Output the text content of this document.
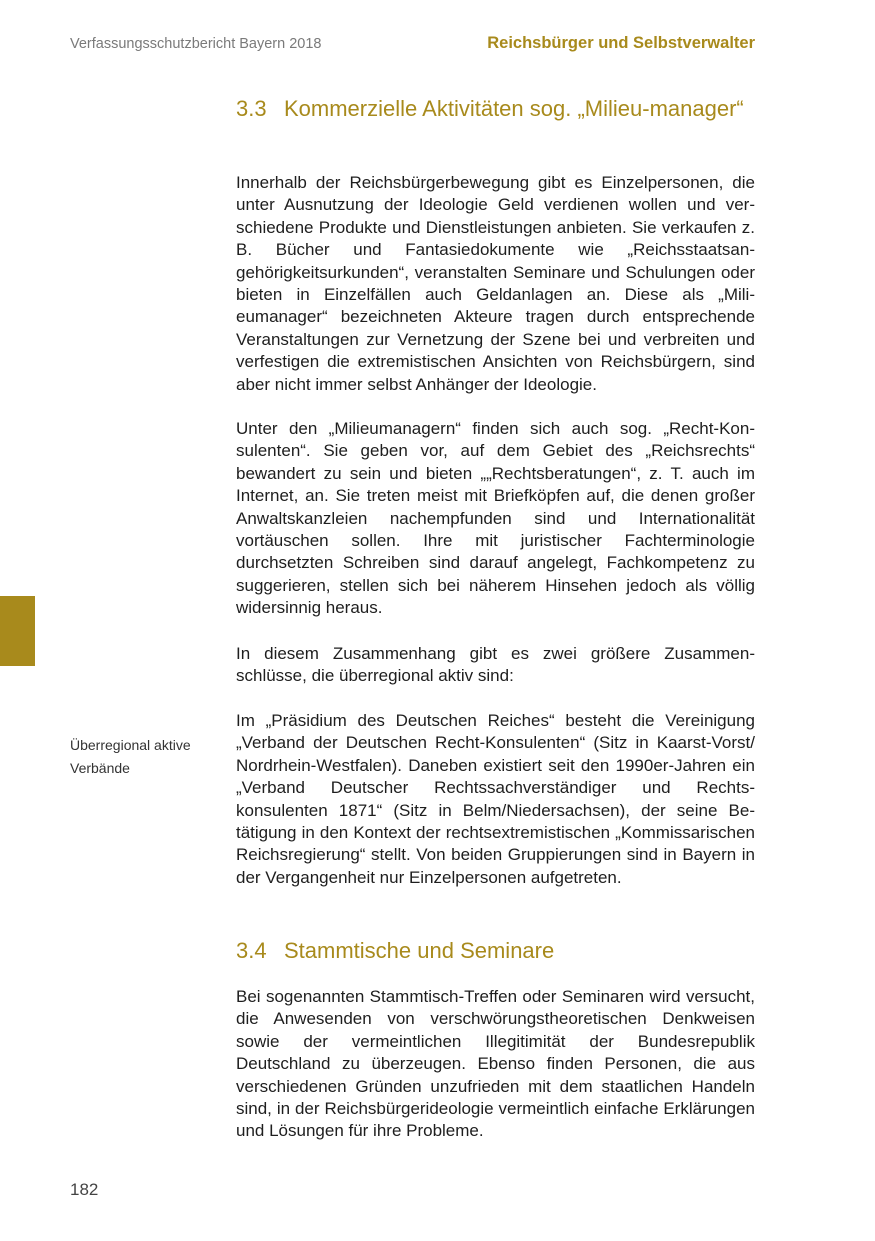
Verfassungsschutzbericht Bayern 2018	Reichsbürger und Selbstverwalter
3.3 Kommerzielle Aktivitäten sog. „Milieu-manager“
Innerhalb der Reichsbürgerbewegung gibt es Einzelpersonen, die unter Ausnutzung der Ideologie Geld verdienen wollen und verschiedene Produkte und Dienstleistungen anbieten. Sie verkaufen z. B. Bücher und Fantasiedokumente wie „Reichsstaatsangehörigkeitsurkunden“, veranstalten Seminare und Schulungen oder bieten in Einzelfällen auch Geldanlagen an. Diese als „Milieumanager“ bezeichneten Akteure tragen durch entsprechende Veranstaltungen zur Vernetzung der Szene bei und verbreiten und verfestigen die extremistischen Ansichten von Reichsbürgern, sind aber nicht immer selbst Anhänger der Ideologie.
Unter den „Milieumanagern“ finden sich auch sog. „Recht-Konsulenten“. Sie geben vor, auf dem Gebiet des „Reichsrechts“ bewandert zu sein und bieten „„Rechtsberatungen“, z. T. auch im Internet, an. Sie treten meist mit Briefköpfen auf, die denen großer Anwaltskanzleien nachempfunden sind und Internationalität vortäuschen sollen. Ihre mit juristischer Fachterminologie durchsetzten Schreiben sind darauf angelegt, Fachkompetenz zu suggerieren, stellen sich bei näherem Hinsehen jedoch als völlig widersinnig heraus.
In diesem Zusammenhang gibt es zwei größere Zusammenschlüsse, die überregional aktiv sind:
Im „Präsidium des Deutschen Reiches“ besteht die Vereinigung „Verband der Deutschen Recht-Konsulenten“ (Sitz in Kaarst-Vorst/ Nordrhein-Westfalen). Daneben existiert seit den 1990er-Jahren ein „Verband Deutscher Rechtssachverständiger und Rechtskonsulenten 1871“ (Sitz in Belm/Niedersachsen), der seine Betätigung in den Kontext der rechtsextremistischen „Kommissarischen Reichsregierung“ stellt. Von beiden Gruppierungen sind in Bayern in der Vergangenheit nur Einzelpersonen aufgetreten.
Überregional aktive Verbände
3.4 Stammtische und Seminare
Bei sogenannten Stammtisch-Treffen oder Seminaren wird versucht, die Anwesenden von verschwörungstheoretischen Denkweisen sowie der vermeintlichen Illegitimität der Bundesrepublik Deutschland zu überzeugen. Ebenso finden Personen, die aus verschiedenen Gründen unzufrieden mit dem staatlichen Handeln sind, in der Reichsbürgerideologie vermeintlich einfache Erklärungen und Lösungen für ihre Probleme.
182
